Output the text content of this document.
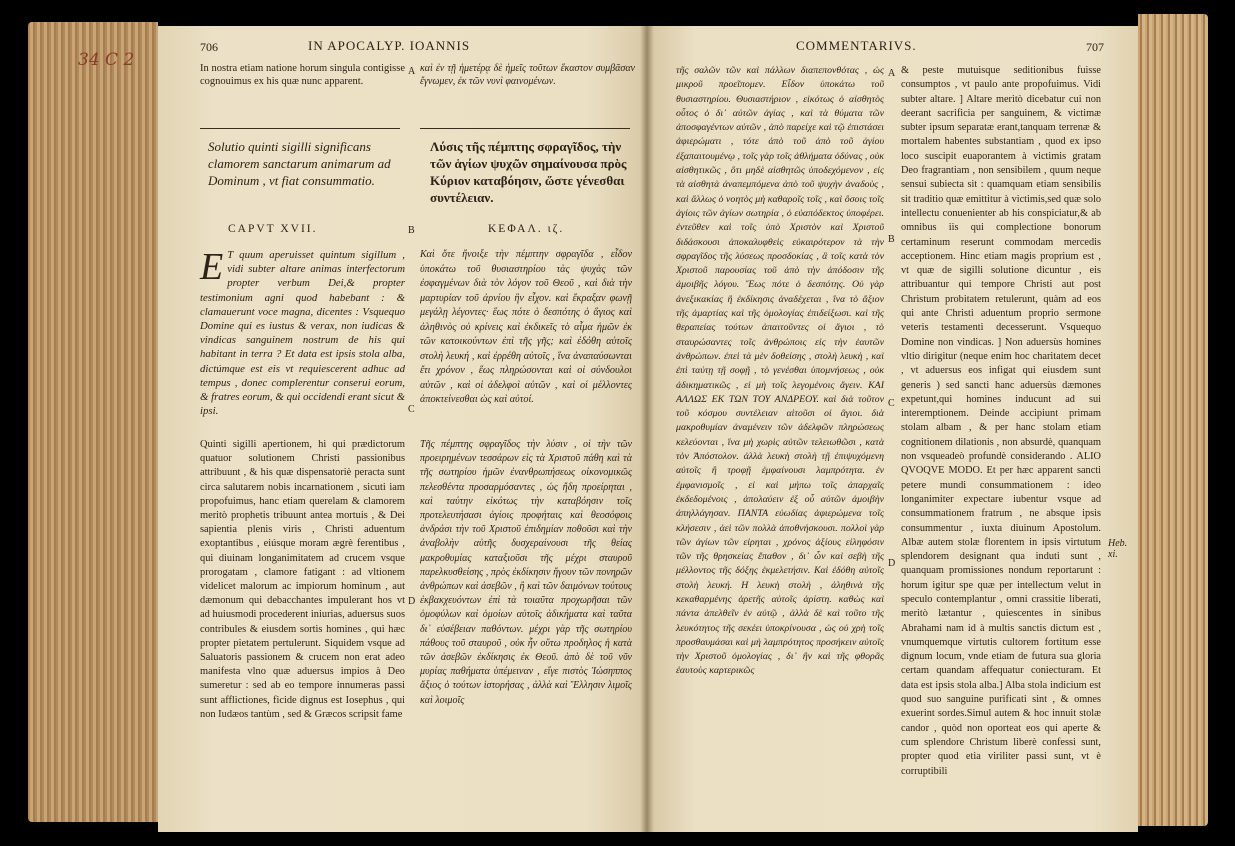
34 C 2
706	IN APOCALYP. IOANNIS
In nostra etiam natione horum singula contigisse cognouimus ex his quæ nunc apparent.
A καὶ ἐν τῇ ἡμετέρᾳ δὲ ἡμεῖς τοῦτων ἕκαστον συμβᾶσαν ἔγνωμεν, ἐκ τῶν νυνὶ φαινομένων.
Solutio quinti sigilli significans clamorem sanctarum animarum ad Dominum , vt fiat consummatio.
Λύσις τῆς πέμπτης σφραγῖδος, τὴν τῶν ἁγίων ψυχῶν σημαίνουσα πρὸς Κύριον καταβόησιν, ὥστε γένεσθαι συντέλειαν.
CAPVT XVII.	B	ΚΕΦΑΛ. ιζ.
E T quum aperuisset quintum sigillum , vidi subter altare animas interfectorum propter verbum Dei,& propter testimonium agni quod habebant : & clamauerunt voce magna, dicentes : Vsquequo Domine qui es iustus & verax, non iudicas & vindicas sanguinem nostrum de his qui habitant in terra ? Et data est ipsis stola alba, dictúmque est eis vt requiescerent adhuc ad tempus , donec complerentur conserui eorum, & fratres eorum, & qui occidendi erant sicut & ipsi.
Καὶ ὅτε ἤνοιξε τὴν πέμπτην σφραγῖδα , εἶδον ὑποκάτω τοῦ θυσιαστηρίου τὰς ψυχὰς τῶν ἐσφαγμένων διὰ τὸν λόγον τοῦ Θεοῦ , καὶ διὰ τὴν μαρτυρίαν τοῦ ἀρνίου ἣν εἶχον. καὶ ἔκραξαν φωνῇ μεγάλῃ λέγοντες· ἕως πότε ὁ δεσπότης ὁ ἅγιος καὶ ἀληθινὸς οὐ κρίνεις καὶ ἐκδικεῖς τὸ αἷμα ἡμῶν ἐκ τῶν κατοικούντων ἐπὶ τῆς γῆς; καὶ ἐδόθη αὐτοῖς στολὴ λευκή , καὶ ἐρρέθη αὐτοῖς , ἵνα ἀναπαύσωνται ἔτι χρόνον , ἕως πληρώσονται καὶ οἱ σύνδουλοι αὐτῶν , καὶ οἱ ἀδελφοὶ αὐτῶν , καὶ οἱ μέλλοντες ἀποκτείνεσθαι ὡς καὶ αὐτοί.
C
Quinti sigilli apertionem, hi qui prædictorum quatuor solutionem Christi passionibus attribuunt , & his quæ dispensatoriè peracta sunt circa salutarem nobis incarnationem , sicuti iam propofuimus, hanc etiam querelam & clamorem meritò prophetis tribuunt antea mortuis , & Dei sapientia plenis viris , Christi aduentum exoptantibus , eiúsque moram ægrè ferentibus , qui diuinam longanimitatem ad crucem vsque prorogatam , clamore fatigant : ad vltionem videlicet malorum ac impiorum hominum , aut dæmonum qui debacchantes impulerant hos vt ad huiusmodi procederent iniurias, aduersus suos contribules & eiusdem sortis homines , qui hæc propter pietatem pertulerunt. Siquidem vsque ad Saluatoris passionem & crucem non erat adeo manifesta vlno quæ aduersus impios à Deo sumeretur : sed ab eo tempore innumeras passi sunt afflictiones, ficide dignus est Iosephus , qui non Iudæos tantùm , sed & Græcos scripsit fame
Τῆς πέμπτης σφραγῖδος τὴν λύσιν , οἱ τὴν τῶν προειρημένων τεσσάρων εἰς τὰ Χριστοῦ πάθη καὶ τὰ τῆς σωτηρίου ἡμῶν ἐνανθρωπήσεως οἰκονομικῶς πελεσθέντα προσαρμόσαντες , ὡς ἤδη προείρηται , καὶ ταύτην εἰκότως τὴν καταβόησιν τοῖς προτελευτήσασι ἀγίοις προφήταις καὶ θεοσόφοις ἀνδράσι τὴν τοῦ Χριστοῦ ἐπιδημίαν ποθοῦσι καὶ τὴν ἀναβολὴν αὐτῆς δυσχεραίνουσι τῆς θείας μακροθυμίας καταξιοῦσι τῆς μέχρι σταυροῦ παρελκυσθείσης , πρὸς ἐκδίκησιν ἤγουν τῶν πονηρῶν ἀνθρώπων καὶ ἀσεβῶν , ἢ καὶ τῶν δαιμόνων τούτους ἐκβακχευόντων ἐπὶ τὰ τοιαῦτα προχωρῆσαι τῶν ὁμοφύλων καὶ ὁμοίων αὐτοῖς ἀδικήματα καὶ ταῦτα δι᾽ εὐσέβειαν παθόντων. μέχρι γὰρ τῆς σωτηρίου πάθους τοῦ σταυροῦ , οὐκ ἦν οὕτω προδηλος ἡ κατὰ τῶν ἀσεβῶν ἐκδίκησις ἐκ Θεοῦ. ἀπὸ δὲ τοῦ νῦν μυρίας παθήματα ὑπέμειναν , εἴγε πιστὸς Ἰώσηππος ἄξιος ὁ τούτων ἱστορήσας , ἀλλὰ καὶ Ἕλλησιν λιμοῖς καὶ λοιμοῖς
D
COMMENTARIVS.	707
τῆς σαλῶν τῶν καὶ πάλλων διαπεπονθότας , ὡς μικροῦ προεῖπομεν. Εἶδον ὑποκάτω τοῦ θυσιαστηρίου. Θυσιαστήριον , εἰκότως ὁ αἰσθητὸς οὗτος ὁ δι᾽ αὐτῶν ἁγίας , καὶ τὰ θύματα τῶν ἀποσφαγέντων αὐτῶν , ἀπὸ παρείχε καὶ τῷ ἐπιστάσει ἀφιερώματι , τότε ἀπὸ τοῦ ἀπὸ τοῦ ἀγίου ἐξαπαιτουμένῳ , τοῖς γὰρ τοῖς ἀθλήματα ὀδύνας , οὐκ αἰσθητικῶς , ὅτι μηδὲ αἰσθητῶς ὑποδεχόμενον , εἰς τὰ αἰσθητὰ ἀναπεμπόμενα ἀπὸ τοῦ ψυχὴν ἀναδοὺς , καὶ ἄλλως ὁ νοητὸς μὴ καθαροῖς τοῖς , καὶ ὅσοις τοῖς ἁγίοις τῶν ἀγίων σωτηρία , ὁ εὐαπόδεκτος ὑποφέρει. ἐντεῦθεν καὶ τοῖς ὑπὸ Χριστὸν καὶ Χριστοῦ διδάσκουσι ἀποκαλυφθεὶς εὐκαιρότερον τὰ τὴν σφραγῖδος τῆς λύσεως προσδοκίας , ἃ τοῖς κατὰ τὸν Χριστοῦ παρουσίας τοῦ ἀπὸ τὴν ἀπόδοσιν τῆς ἀμοιβῆς λόγου. Ἕως πότε ὁ δεσπότης. Οὐ γὰρ ἀνεξικακίας ἢ ἐκδίκησις ἀναδέχεται , ἵνα τὸ ἄξιον τῆς ἀμαρτίας καὶ τῆς ὁμολογίας ἐπιδείξωσι. καὶ τῆς θεραπείας τούτων ἀπαιτοῦντες οἱ ἅγιοι , τὸ σταυρώσαντες τοῖς ἀνθρώποις εἰς τὴν ἑαυτῶν ἀνθρώπων. ἐπεὶ τὰ μὲν δοθείσης , στολὴ λευκὴ , καὶ ἐπὶ ταύτῃ τῇ σοφῇ , τὸ γενέσθαι ὑπομνήσεως , οὐκ ἀδικηματικῶς , εἰ μὴ τοῖς λεγομένοις ἄγειν. ΚΑΙ ΑΛΛΩΣ ΕΚ ΤΩΝ ΤΟΥ ΑΝΔΡΕΟΥ. καὶ διὰ τοῦτον τοῦ κόσμου συντέλειαν αἰτοῦσι οἱ ἅγιοι. διὰ μακροθυμίαν ἀναμένειν τῶν ἀδελφῶν πληρώσεως κελεύονται , ἵνα μὴ χωρὶς αὐτῶν τελειωθῶσι , κατὰ τὸν Ἀπόστολον. ἀλλὰ λευκὴ στολὴ τῇ ἐπιψυχόμενη αὐτοῖς ἢ τροφῇ ἐμφαίνουσι λαμπρότητα. ἐν ἐμφανισμοῖς , εἰ καὶ μήπω τοῖς ἀπαρχαῖς ἐκδεδομένοις , ἀπολαύειν ἐξ οὗ αὐτῶν ἀμοιβὴν ἀπηλλάγησαν. ΠΑΝΤΑ εὐωδίας ἀφιερώμενα τοῖς κλήσεσιν , ἀεὶ τῶν πολλὰ ἀποθνήσκουσι. πολλοὶ γὰρ τῶν ἁγίων τῶν εἰρηται , χρόνος ἀξίους εἰληφόσιν τῶν τῆς θρησκείας ἔπαθον , δι᾽ ὧν καὶ σεβὴ τῆς μέλλοντος τῆς δόξης ἐκμελετήσιν. Καὶ ἐδόθη αὐτοῖς στολὴ λευκή. Η λευκὴ στολὴ , ἀληθινὰ τῆς κεκαθαρμένης ἀρετῆς αὐτοῖς ἀρίστη. καθὼς καὶ πάντα ἀπελθεῖν ἐν αὐτῷ , ἀλλὰ δὲ καὶ τοῦτο τῆς λευκότητος τῆς σεκέει ὑποκρίνουσα , ὡς οὐ χρὴ τοῖς προσθαυμάσαι καὶ μὴ λαμπρότητος προσήκειν αὐτοῖς τὴν Χριστοῦ ὁμολογίας , δι᾽ ἣν καὶ τῆς φθορᾶς ἐαυτοὺς καρτερικῶς
A
B
C
D
& peste mutuisque seditionibus fuisse consumptos , vt paulo ante propofuimus. Vidi subter altare. ] Altare meritò dicebatur cui non deerant sacrificia per sanguinem, & victimæ subter ipsum separatæ erant,tanquam terrenæ & mortalem habentes substantiam , quod ex ipso loco suscipit euaporantem à victimis gratam Deo fragrantiam , non sensibilem , quum neque sensui subiecta sit : quamquam etiam sensibilis sit traditio quæ emittitur à victimis,sed quæ solo intellectu conuenienter ab his conspiciatur,& ab omnibus iis qui complectione bonorum certaminum reserunt commodam mercedis acceptionem. Hinc etiam magis proprium est , vt quæ de sigilli solutione dicuntur , eis attribuantur qui tempore Christi aut post Christum probitatem retulerunt, quàm ad eos qui ante Christi aduentum proprio sermone veteris testamenti decesserunt. Vsquequo Domine non vindicas. ] Non aduersùs homines vltio dirigitur (neque enim hoc charitatem decet , vt aduersus eos infigat qui eiusdem sunt generis ) sed sancti hanc aduersùs dæmones expetunt,qui homines inducunt ad sui interemptionem. Deinde accipiunt primam stolam albam , & per hanc stolam etiam cognitionem dilationis , non absurdè, quanquam non vsqueadeò profundè considerando . ALIO QVOQVE MODO. Et per hæc apparent sancti petere mundi consummationem : ideo longanimiter expectare iubentur vsque ad consummationem fratrum , ne absque ipsis consummentur , iuxta diuinum Apostolum. Albæ autem stolæ florentem in ipsis virtutum splendorem designant qua induti sunt , quanquam promissiones nondum reportarunt : horum igitur spe quæ per intellectum velut in speculo contemplantur , omni crassitie liberati, meritò lætantur , quiescentes in sinibus Abrahami nam id à multis sanctis dictum est , vnumquemque virtutis cultorem fortitum esse dignum locum, vnde etiam de futura sua gloria certam quandam affequatur coniecturam. Et data est ipsis stola alba.] Alba stola indicium est quod suo sanguine purificati sint , & omnes exuerint sordes.Simul autem & hoc innuit stolæ candor , quòd non oporteat eos qui aperte & cum splendore Christum liberè confessi sunt, propter quod etia viriliter passi sunt, vt è corruptibili
Heb. xi.
